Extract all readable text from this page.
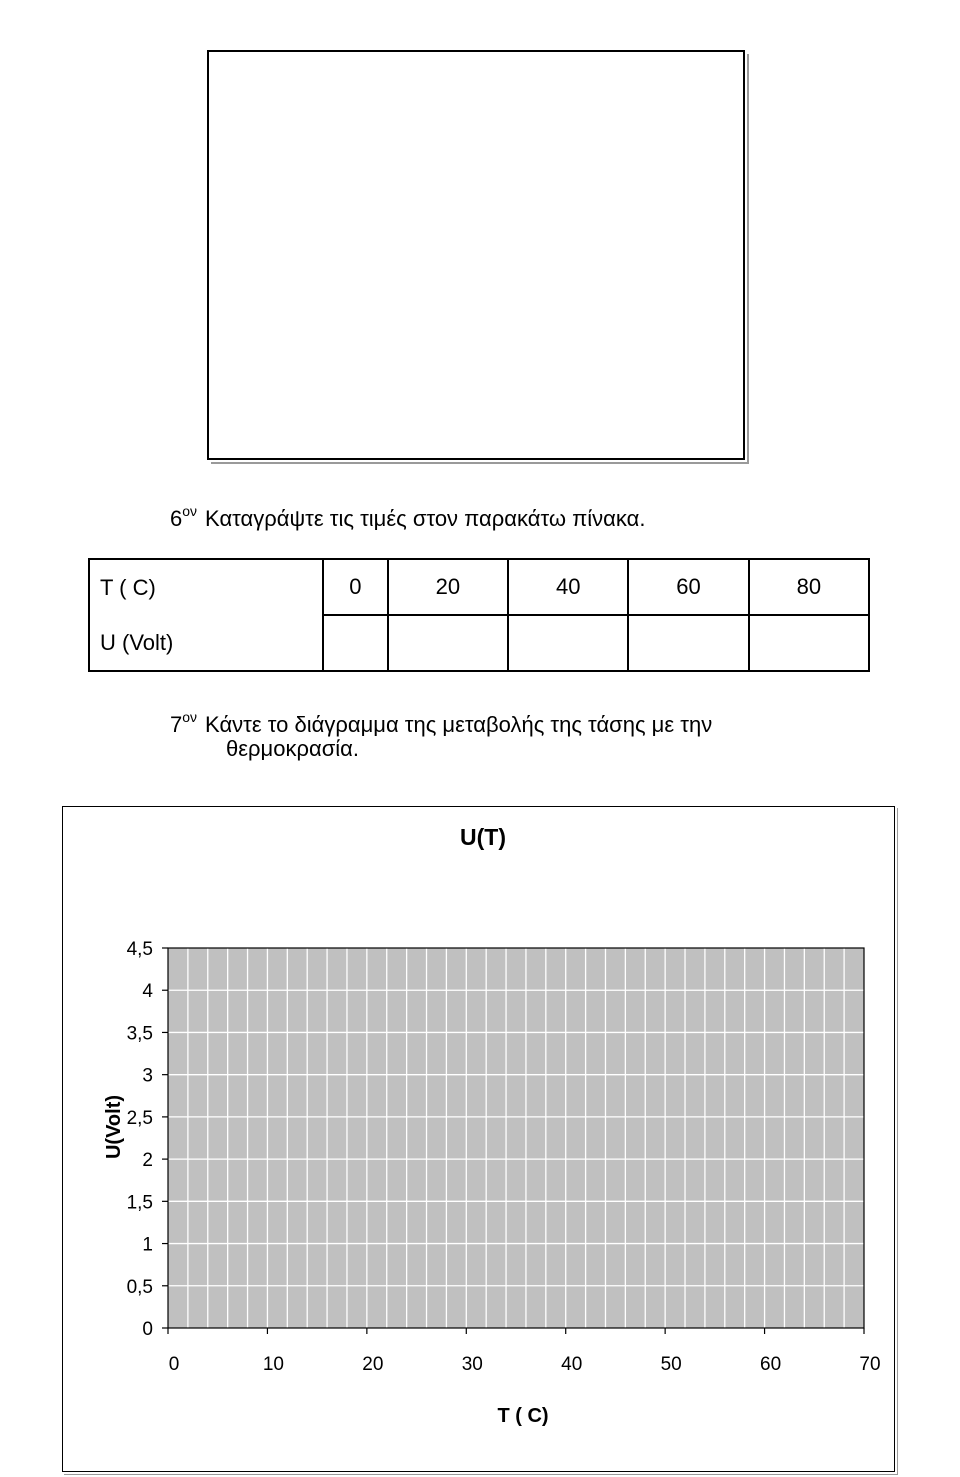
$6^{o\nu}$ Καταγράψτε τις τιμές στον παρακάτω πίνακα.
T ( C)	0	20	40	60	80
U (Volt)					
$7^{o\nu}$ Κάντε το διάγραμμα της μεταβολής της τάσης με την
θερμοκρασία.
U(T)
0
0,5
1
1,5
2
2,5
3
3,5
4
4,5
0	10	20	30	40	50	60	70
U(Volt)
T ( C)
